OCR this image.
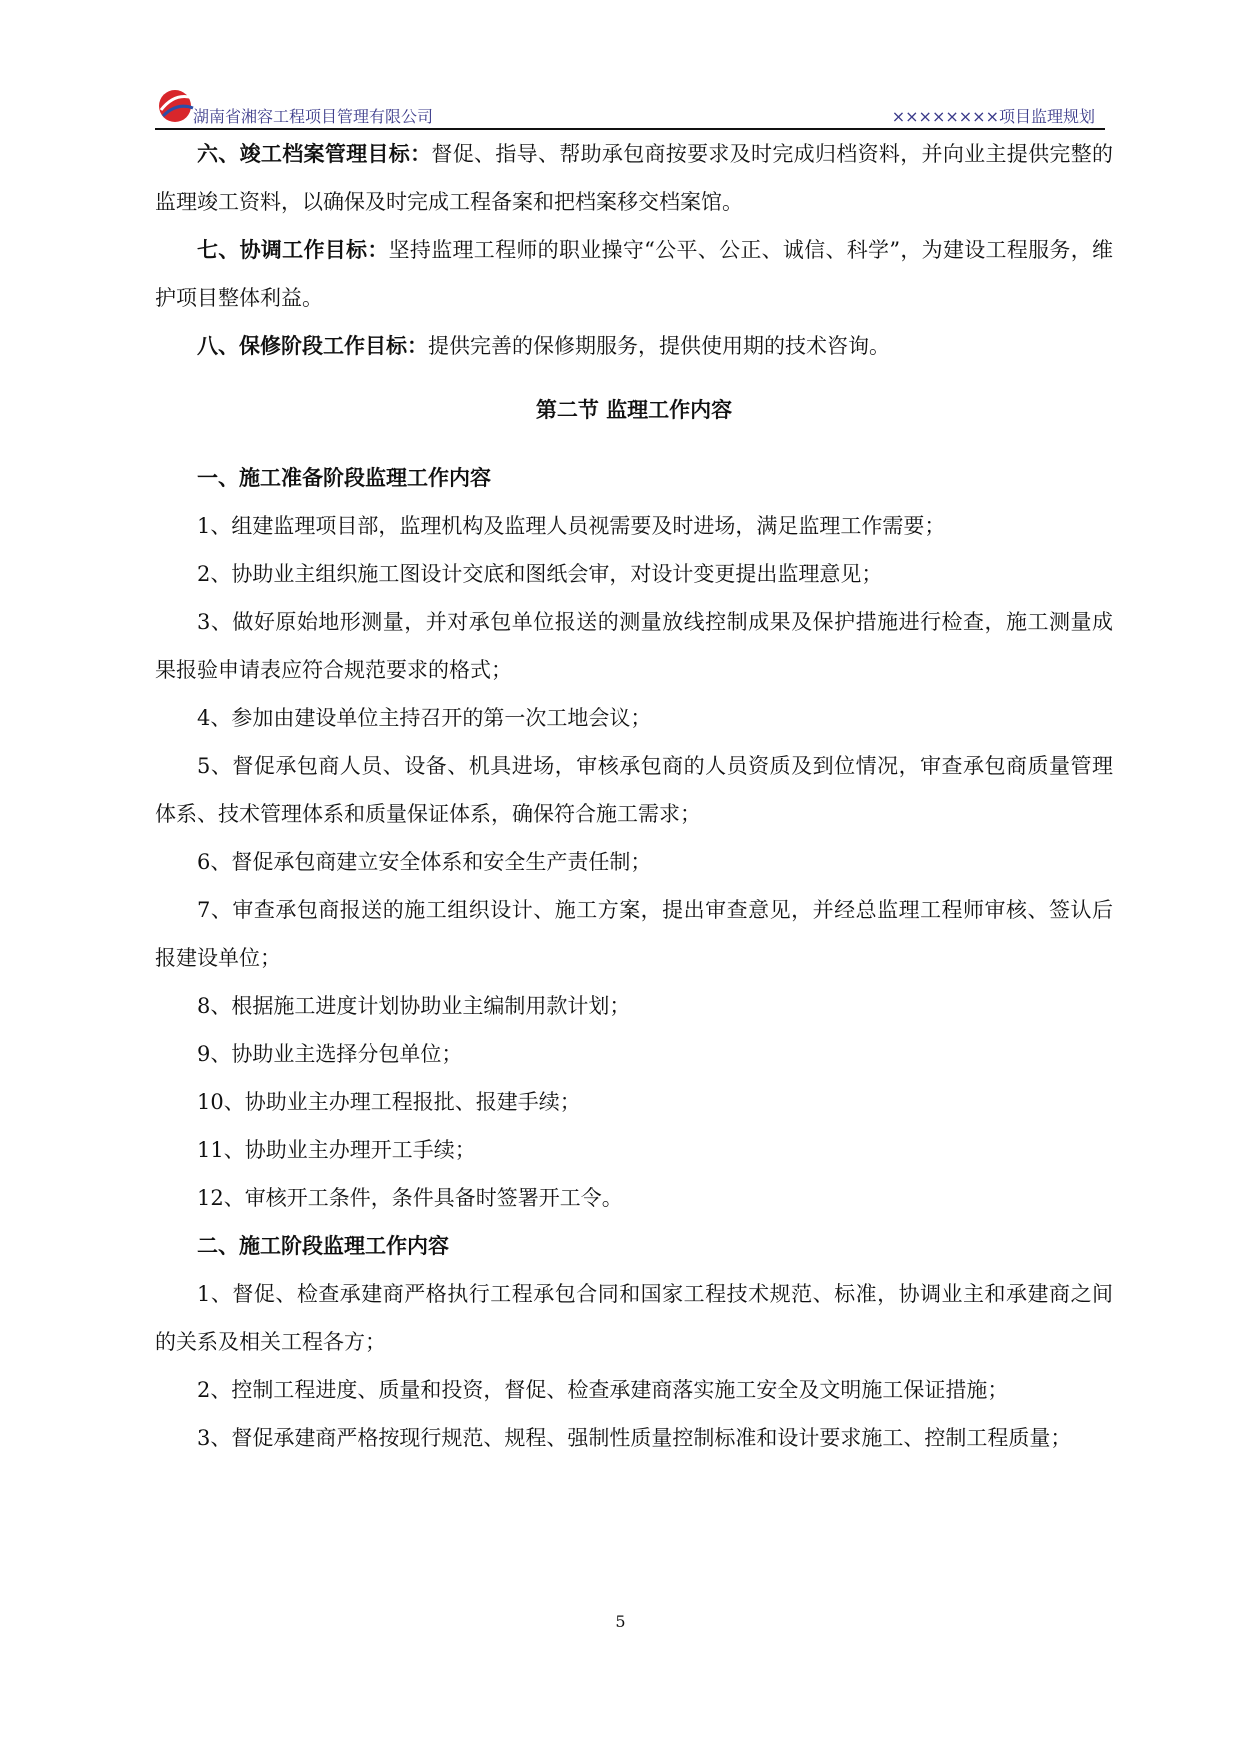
湖南省湘容工程项目管理有限公司	××××××××项目监理规划

六、竣工档案管理目标：督促、指导、帮助承包商按要求及时完成归档资料，并向业主提供完整的监理竣工资料，以确保及时完成工程备案和把档案移交档案馆。

七、协调工作目标：坚持监理工程师的职业操守“公平、公正、诚信、科学”，为建设工程服务，维护项目整体利益。

八、保修阶段工作目标：提供完善的保修期服务，提供使用期的技术咨询。

第二节 监理工作内容

一、施工准备阶段监理工作内容

1、组建监理项目部，监理机构及监理人员视需要及时进场，满足监理工作需要；

2、协助业主组织施工图设计交底和图纸会审，对设计变更提出监理意见；

3、做好原始地形测量，并对承包单位报送的测量放线控制成果及保护措施进行检查，施工测量成果报验申请表应符合规范要求的格式；

4、参加由建设单位主持召开的第一次工地会议；

5、督促承包商人员、设备、机具进场，审核承包商的人员资质及到位情况，审查承包商质量管理体系、技术管理体系和质量保证体系，确保符合施工需求；

6、督促承包商建立安全体系和安全生产责任制；

7、审查承包商报送的施工组织设计、施工方案，提出审查意见，并经总监理工程师审核、签认后报建设单位；

8、根据施工进度计划协助业主编制用款计划；

9、协助业主选择分包单位；

10、协助业主办理工程报批、报建手续；

11、协助业主办理开工手续；

12、审核开工条件，条件具备时签署开工令。

二、施工阶段监理工作内容

1、督促、检查承建商严格执行工程承包合同和国家工程技术规范、标准，协调业主和承建商之间的关系及相关工程各方；

2、控制工程进度、质量和投资，督促、检查承建商落实施工安全及文明施工保证措施；

3、督促承建商严格按现行规范、规程、强制性质量控制标准和设计要求施工、控制工程质量；

5
